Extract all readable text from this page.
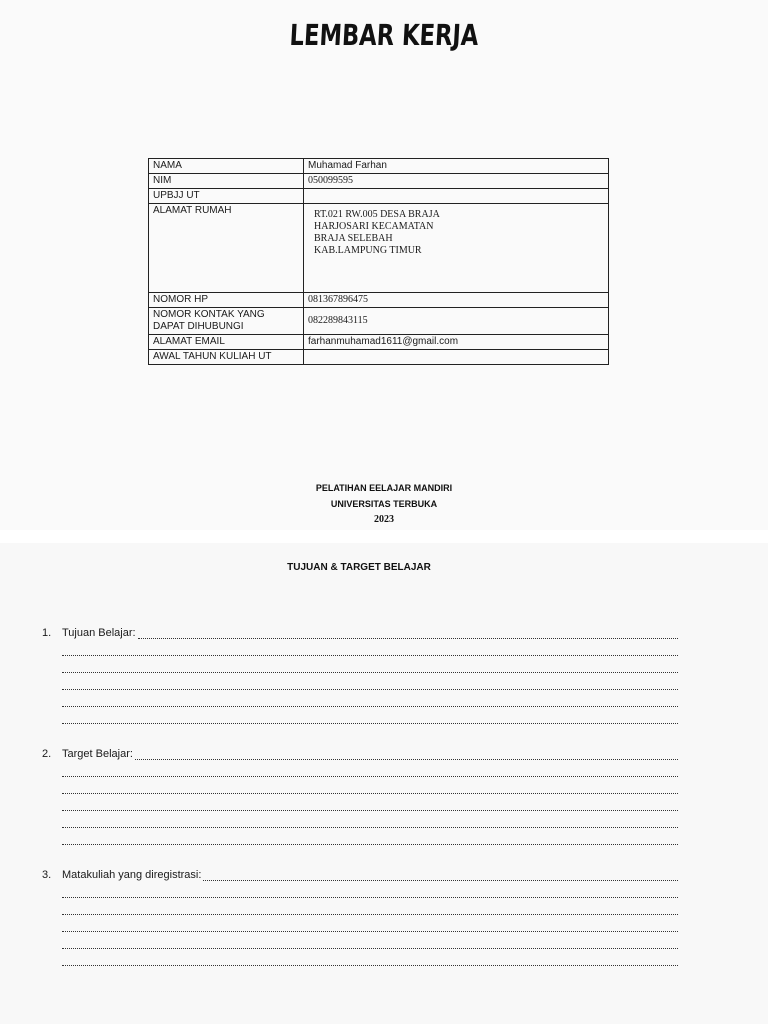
LEMBAR KERJA
NAMA	Muhamad Farhan

NIM	050099595

UPBJJ UT	
ALAMAT RUMAH	RT.021 RW.005 DESA BRAJA
HARJOSARI KECAMATAN
BRAJA SELEBAH
KAB.LAMPUNG TIMUR

NOMOR HP	081367896475

NOMOR KONTAK YANG DAPAT DIHUBUNGI	082289843115

ALAMAT EMAIL	farhanmuhamad1611@gmail.com

AWAL TAHUN KULIAH UT	
PELATIHAN EELAJAR MANDIRI
UNIVERSITAS TERBUKA
2023
TUJUAN & TARGET BELAJAR
1. Tujuan Belajar:
2. Target Belajar:
3. Matakuliah yang diregistrasi:
